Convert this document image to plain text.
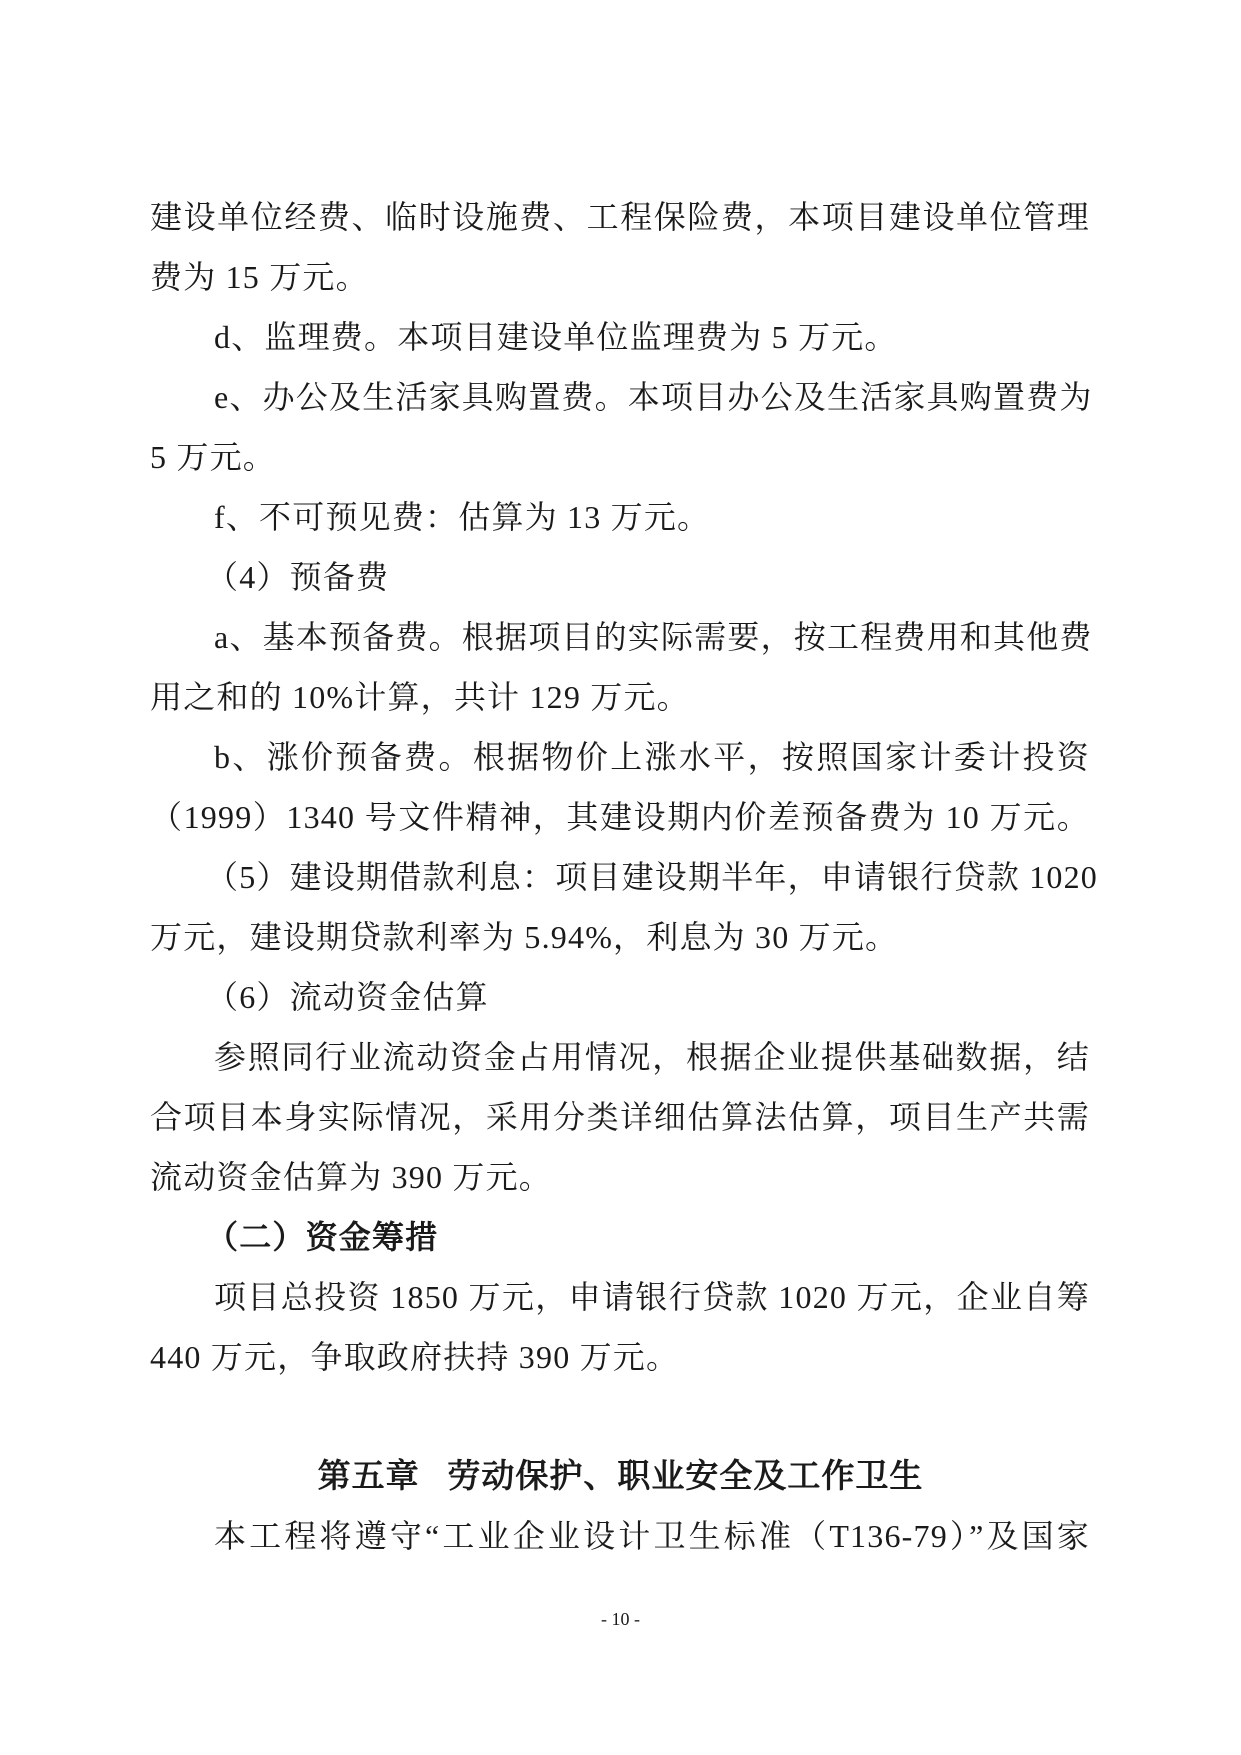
建设单位经费、临时设施费、工程保险费，本项目建设单位管理
费为 15 万元。
d、监理费。本项目建设单位监理费为 5 万元。
e、办公及生活家具购置费。本项目办公及生活家具购置费为
5 万元。
f、不可预见费：估算为 13 万元。
（4）预备费
a、基本预备费。根据项目的实际需要，按工程费用和其他费
用之和的 10%计算，共计 129 万元。
b、涨价预备费。根据物价上涨水平，按照国家计委计投资
（1999）1340 号文件精神，其建设期内价差预备费为 10 万元。
（5）建设期借款利息：项目建设期半年，申请银行贷款 1020
万元，建设期贷款利率为 5.94%，利息为 30 万元。
（6）流动资金估算
参照同行业流动资金占用情况，根据企业提供基础数据，结
合项目本身实际情况，采用分类详细估算法估算，项目生产共需
流动资金估算为 390 万元。
（二）资金筹措
项目总投资 1850 万元，申请银行贷款 1020 万元，企业自筹
440 万元，争取政府扶持 390 万元。
第五章   劳动保护、职业安全及工作卫生
本工程将遵守“工业企业设计卫生标准（T136-79）”及国家
- 10 -
